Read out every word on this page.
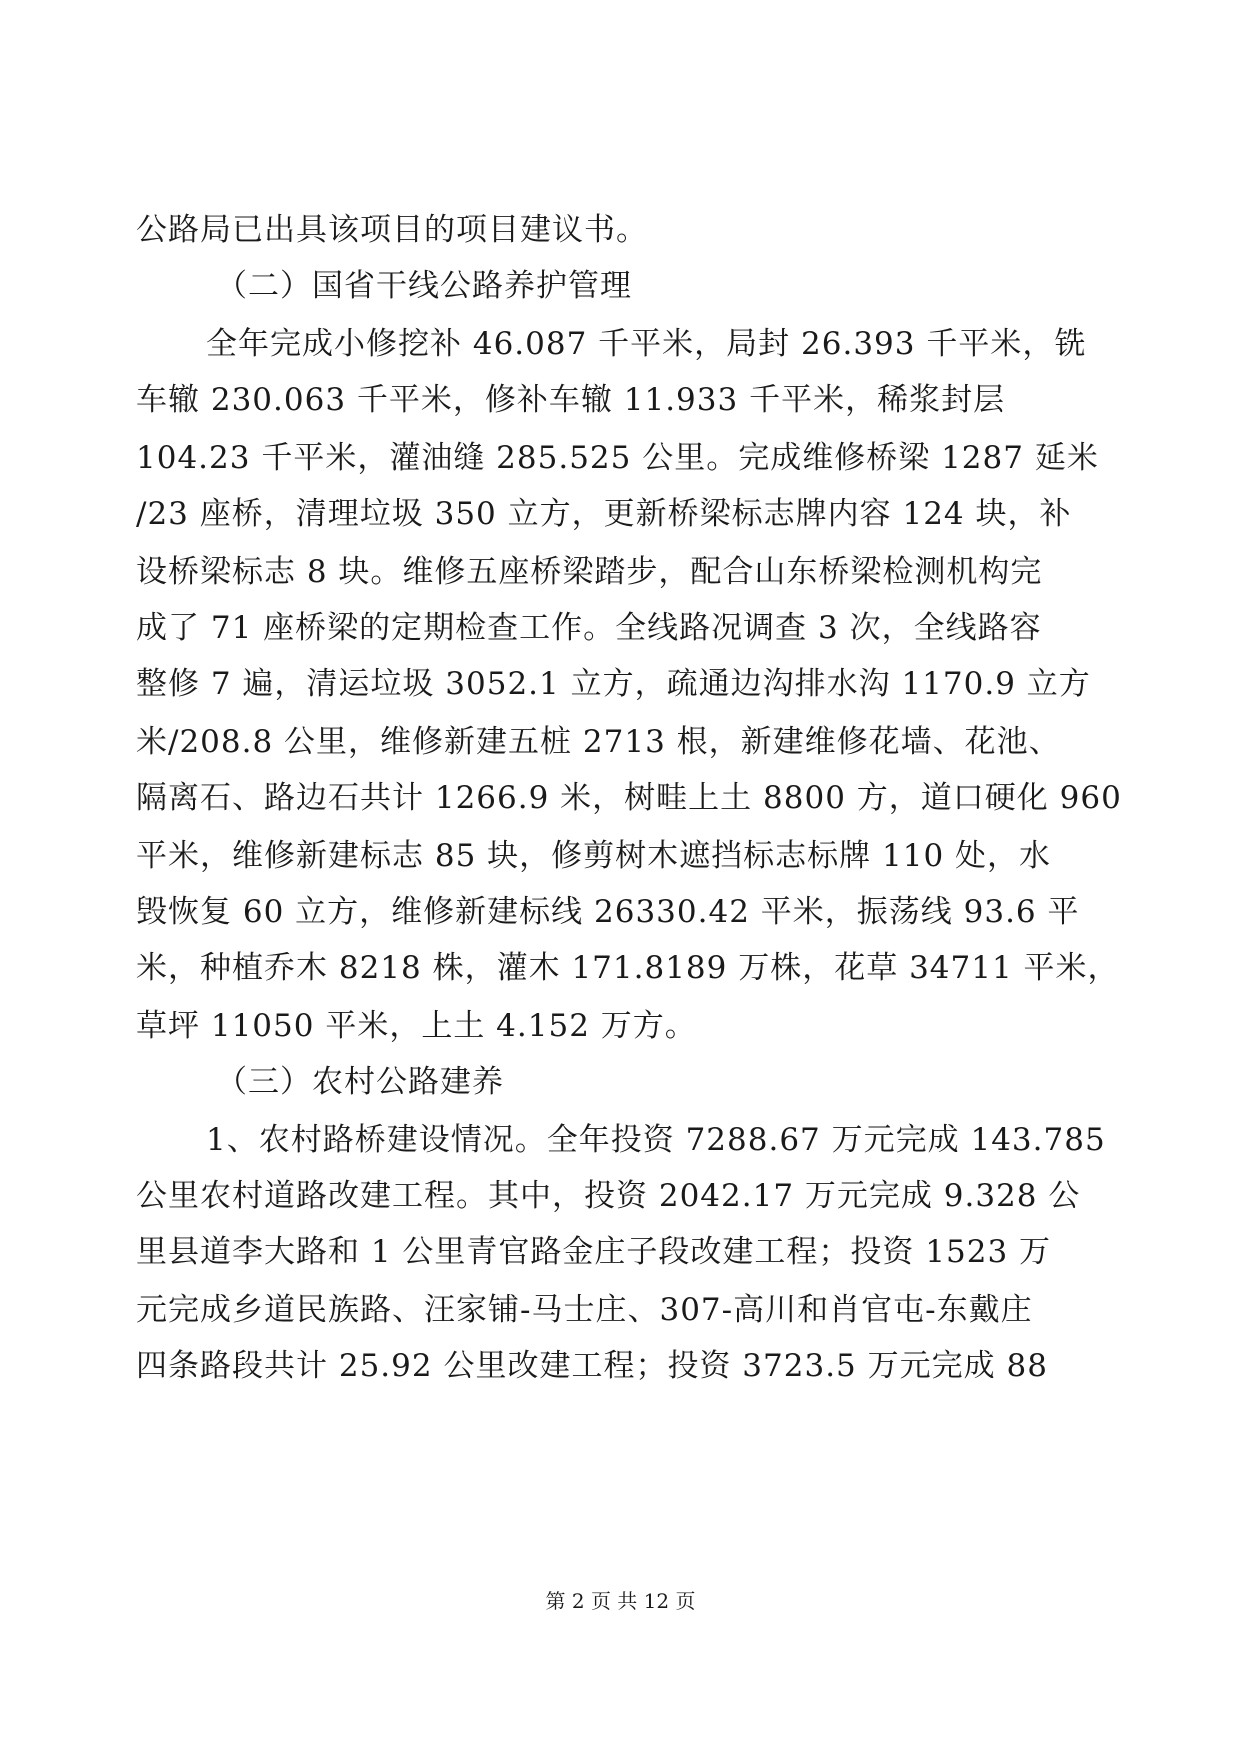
公路局已出具该项目的项目建议书。
（二）国省干线公路养护管理
全年完成小修挖补 46.087 千平米，局封 26.393 千平米，铣
车辙 230.063 千平米，修补车辙 11.933 千平米，稀浆封层
104.23 千平米，灌油缝 285.525 公里。完成维修桥梁 1287 延米
/23 座桥，清理垃圾 350 立方，更新桥梁标志牌内容 124 块，补
设桥梁标志 8 块。维修五座桥梁踏步，配合山东桥梁检测机构完
成了 71 座桥梁的定期检查工作。全线路况调查 3 次，全线路容
整修 7 遍，清运垃圾 3052.1 立方，疏通边沟排水沟 1170.9 立方
米/208.8 公里，维修新建五桩 2713 根，新建维修花墙、花池、
隔离石、路边石共计 1266.9 米，树畦上土 8800 方，道口硬化 960
平米，维修新建标志 85 块，修剪树木遮挡标志标牌 110 处，水
毁恢复 60 立方，维修新建标线 26330.42 平米，振荡线 93.6 平
米，种植乔木 8218 株，灌木 171.8189 万株，花草 34711 平米，
草坪 11050 平米，上土 4.152 万方。
（三）农村公路建养
1、农村路桥建设情况。全年投资 7288.67 万元完成 143.785
公里农村道路改建工程。其中，投资 2042.17 万元完成 9.328 公
里县道李大路和 1 公里青官路金庄子段改建工程；投资 1523 万
元完成乡道民族路、汪家铺-马士庄、307-高川和肖官屯-东戴庄
四条路段共计 25.92 公里改建工程；投资 3723.5 万元完成 88
第 2 页 共 12 页
